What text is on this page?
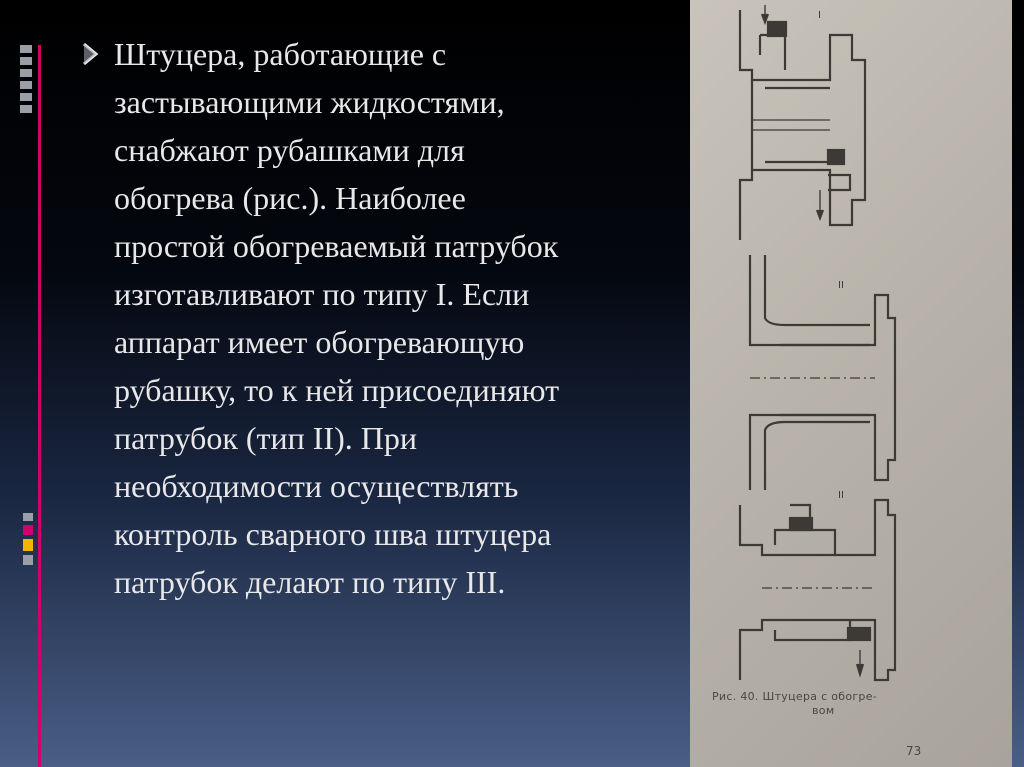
Штуцера, работающие с
застывающими жидкостями,
снабжают рубашками для
обогрева (рис.). Наиболее
простой обогреваемый патрубок
изготавливают по типу I. Если
аппарат имеет обогревающую
рубашку, то к ней присоединяют
патрубок (тип II). При
необходимости осуществлять
контроль сварного шва штуцера
патрубок делают по типу III.
I
II
II
Рис. 40. Штуцера с обогре-
вом
73
